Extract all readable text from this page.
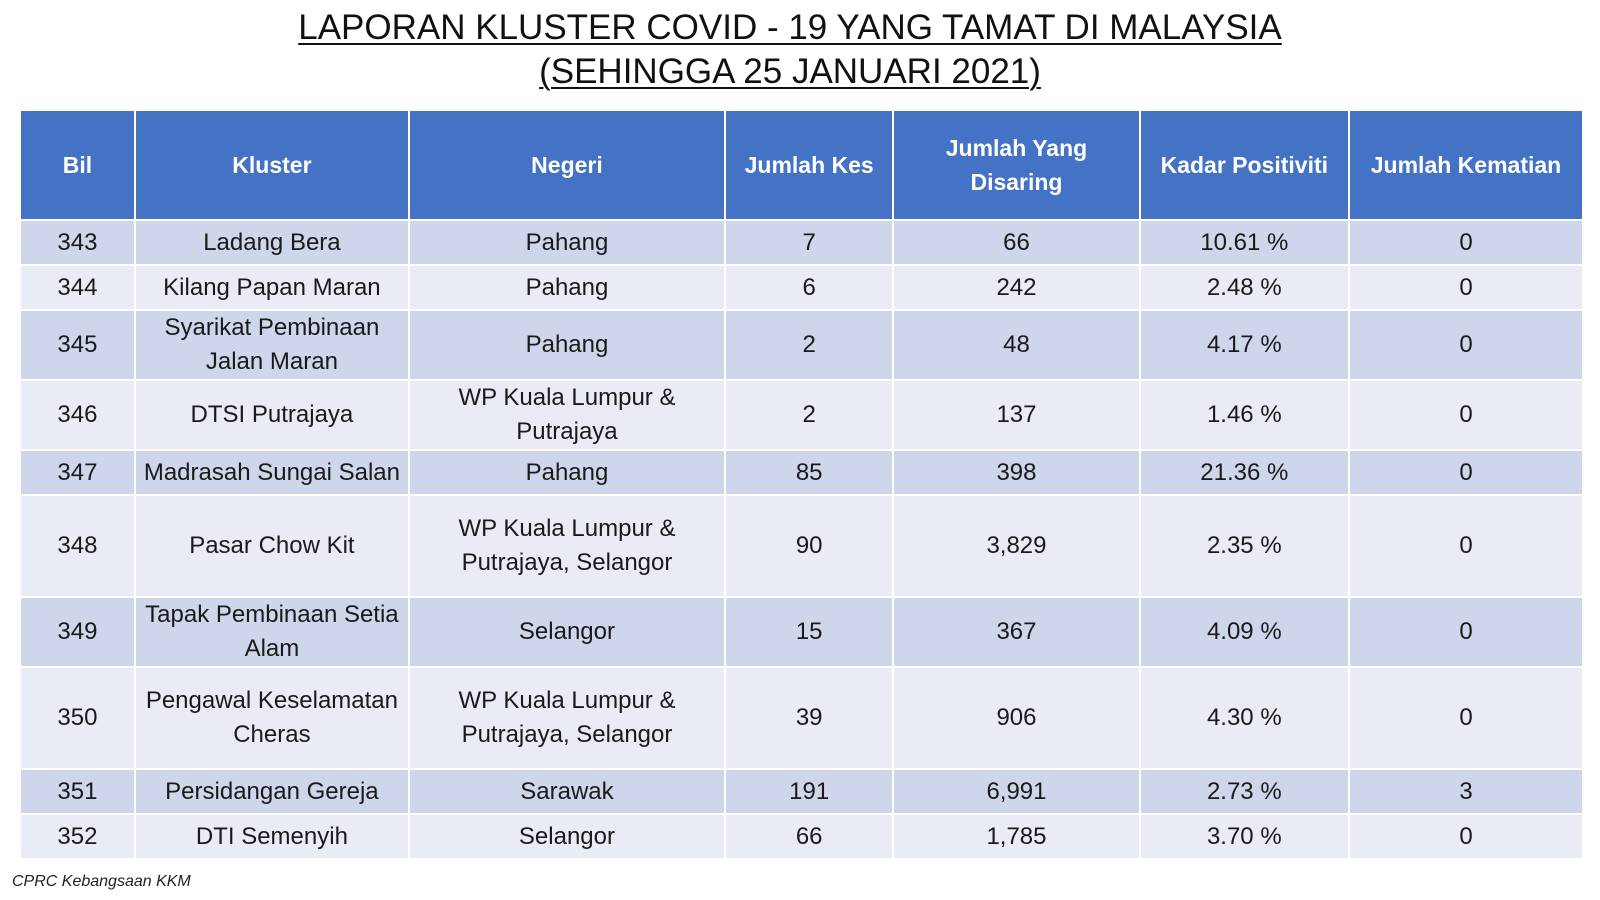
LAPORAN KLUSTER COVID - 19 YANG TAMAT DI MALAYSIA
(SEHINGGA 25 JANUARI 2021)
Bil	Kluster	Negeri	Jumlah Kes	Jumlah Yang Disaring	Kadar Positiviti	Jumlah Kematian
343	Ladang Bera	Pahang	7	66	10.61 %	0
344	Kilang Papan Maran	Pahang	6	242	2.48 %	0
345	Syarikat Pembinaan Jalan Maran	Pahang	2	48	4.17 %	0
346	DTSI Putrajaya	WP Kuala Lumpur & Putrajaya	2	137	1.46 %	0
347	Madrasah Sungai Salan	Pahang	85	398	21.36 %	0
348	Pasar Chow Kit	WP Kuala Lumpur & Putrajaya, Selangor	90	3,829	2.35 %	0
349	Tapak Pembinaan Setia Alam	Selangor	15	367	4.09 %	0
350	Pengawal Keselamatan Cheras	WP Kuala Lumpur & Putrajaya, Selangor	39	906	4.30 %	0
351	Persidangan Gereja	Sarawak	191	6,991	2.73 %	3
352	DTI Semenyih	Selangor	66	1,785	3.70 %	0
CPRC Kebangsaan KKM
